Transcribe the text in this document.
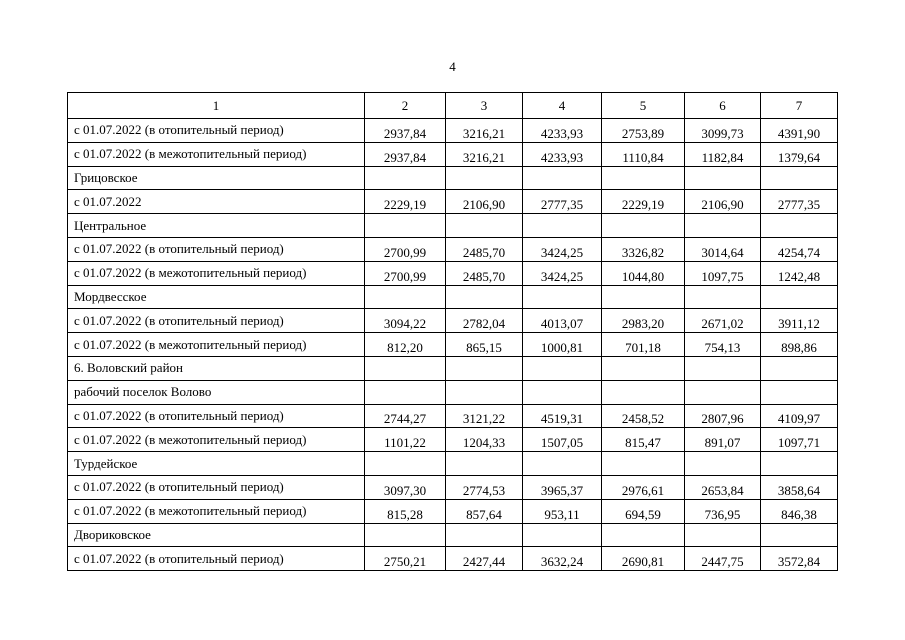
4
1	2	3	4	5	6	7
с 01.07.2022 (в отопительный период)	2937,84	3216,21	4233,93	2753,89	3099,73	4391,90
с 01.07.2022 (в межотопительный период)	2937,84	3216,21	4233,93	1110,84	1182,84	1379,64
Грицовское						
с 01.07.2022	2229,19	2106,90	2777,35	2229,19	2106,90	2777,35
Центральное						
с 01.07.2022 (в отопительный период)	2700,99	2485,70	3424,25	3326,82	3014,64	4254,74
с 01.07.2022 (в межотопительный период)	2700,99	2485,70	3424,25	1044,80	1097,75	1242,48
Мордвесское						
с 01.07.2022 (в отопительный период)	3094,22	2782,04	4013,07	2983,20	2671,02	3911,12
с 01.07.2022 (в межотопительный период)	812,20	865,15	1000,81	701,18	754,13	898,86
6. Воловский район						
рабочий поселок Волово						
с 01.07.2022 (в отопительный период)	2744,27	3121,22	4519,31	2458,52	2807,96	4109,97
с 01.07.2022 (в межотопительный период)	1101,22	1204,33	1507,05	815,47	891,07	1097,71
Турдейское						
с 01.07.2022 (в отопительный период)	3097,30	2774,53	3965,37	2976,61	2653,84	3858,64
с 01.07.2022 (в межотопительный период)	815,28	857,64	953,11	694,59	736,95	846,38
Двориковское						
с 01.07.2022 (в отопительный период)	2750,21	2427,44	3632,24	2690,81	2447,75	3572,84
